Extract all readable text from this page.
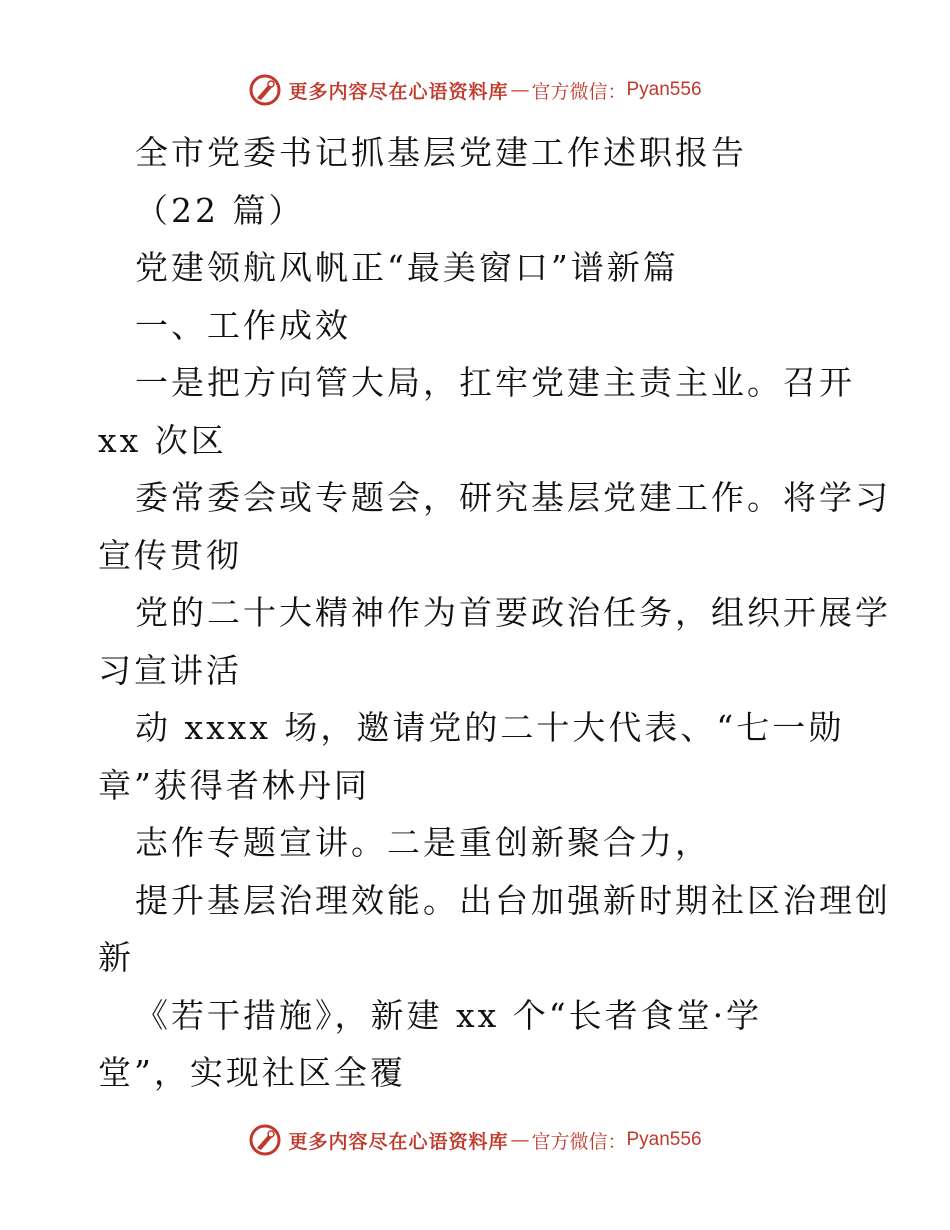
更多内容尽在心语资料库 — 官方微信： Pyan556
全市党委书记抓基层党建工作述职报告
（22 篇）
党建领航风帆正“最美窗口”谱新篇
一、工作成效
一是把方向管大局，扛牢党建主责主业。召开
xx 次区
委常委会或专题会，研究基层党建工作。将学习
宣传贯彻
党的二十大精神作为首要政治任务，组织开展学
习宣讲活
动 xxxx 场，邀请党的二十大代表、“七一勋
章”获得者林丹同
志作专题宣讲。二是重创新聚合力，
提升基层治理效能。出台加强新时期社区治理创
新
《若干措施》，新建 xx 个“长者食堂·学
堂”，实现社区全覆
更多内容尽在心语资料库 — 官方微信： Pyan556
